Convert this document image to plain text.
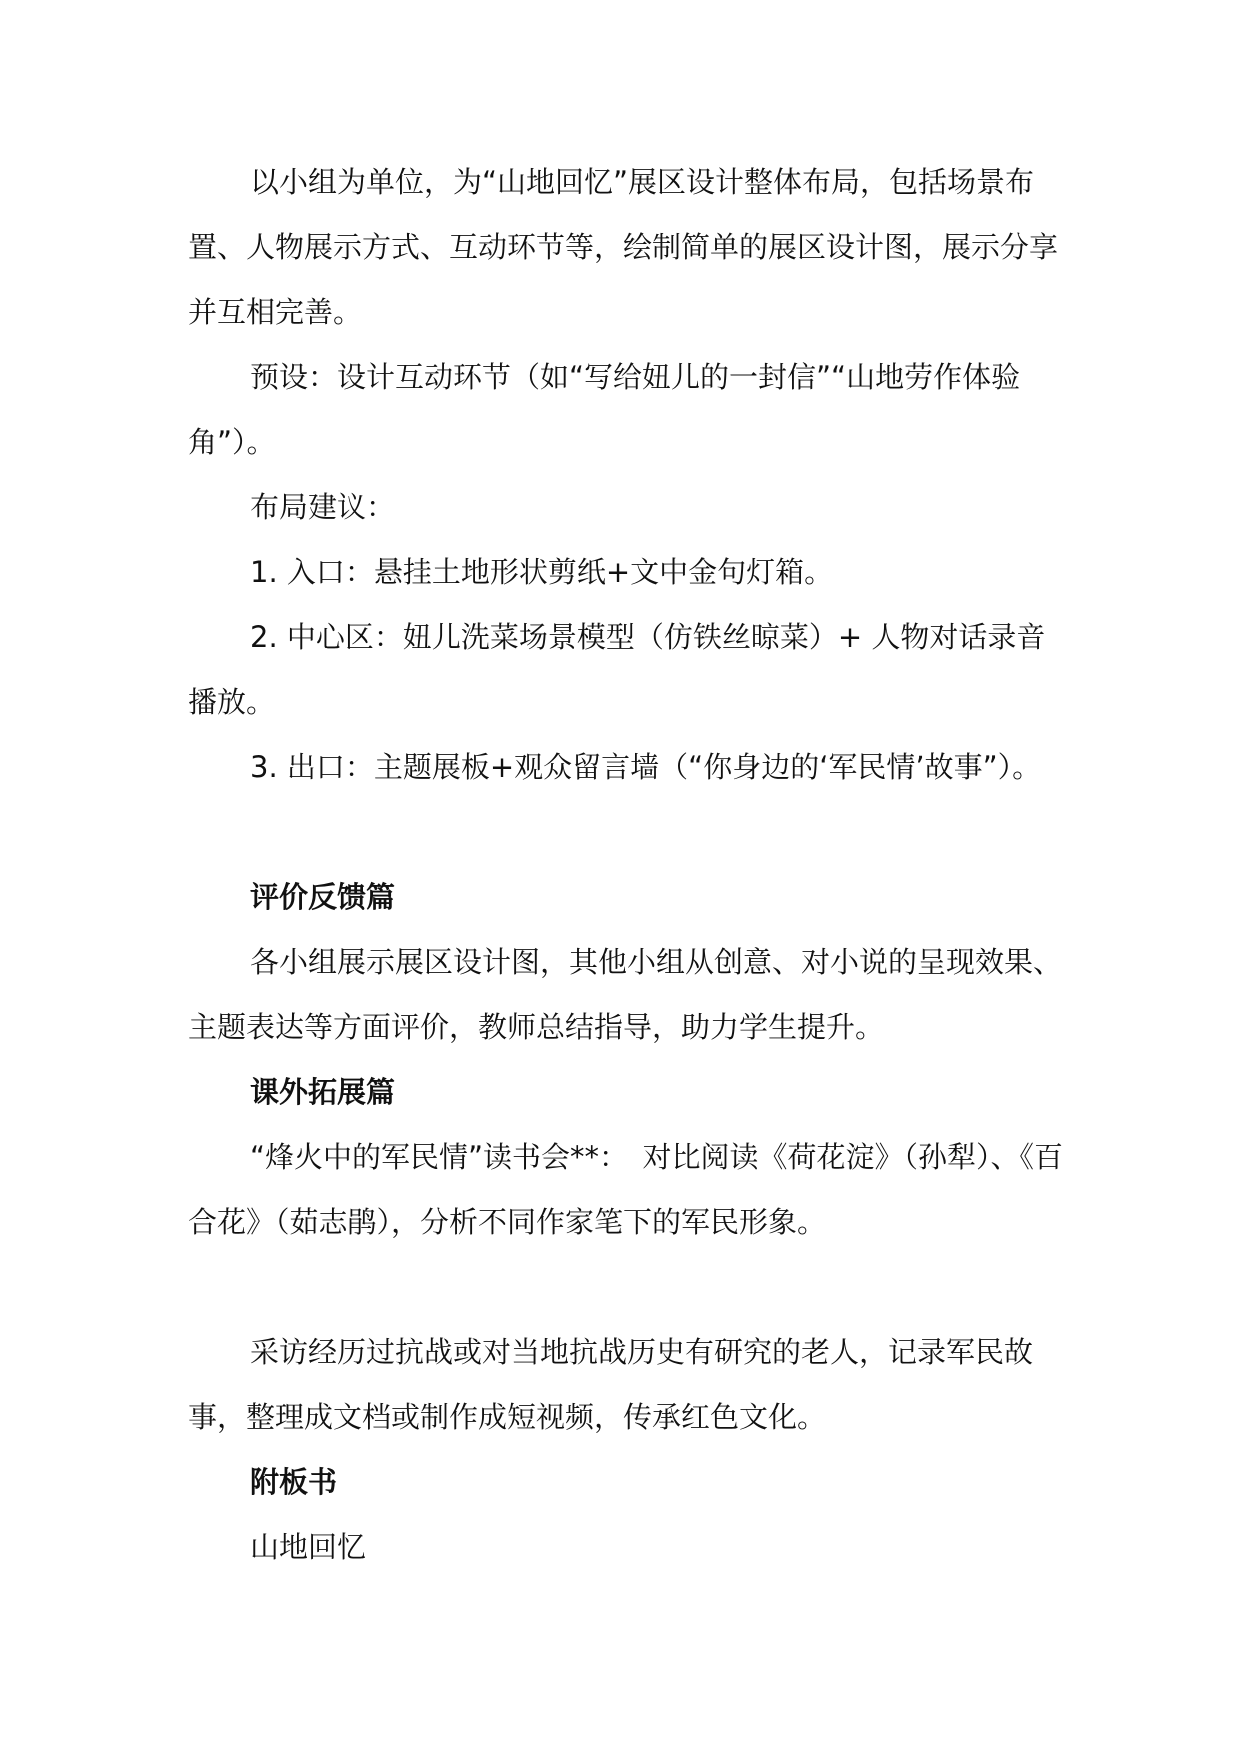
以小组为单位，为“山地回忆”展区设计整体布局，包括场景布置、人物展示方式、互动环节等，绘制简单的展区设计图，展示分享并互相完善。

预设：设计互动环节（如“写给妞儿的一封信”“山地劳作体验角”）。

布局建议：

1. 入口：悬挂土地形状剪纸+文中金句灯箱。

2. 中心区：妞儿洗菜场景模型（仿铁丝晾菜）+ 人物对话录音播放。

3. 出口：主题展板+观众留言墙（“你身边的‘军民情’故事”）。

评价反馈篇

各小组展示展区设计图，其他小组从创意、对小说的呈现效果、主题表达等方面评价，教师总结指导，助力学生提升。

课外拓展篇

“烽火中的军民情”读书会**：　对比阅读《荷花淀》（孙犁）、《百合花》（茹志鹃），分析不同作家笔下的军民形象。

采访经历过抗战或对当地抗战历史有研究的老人，记录军民故事，整理成文档或制作成短视频，传承红色文化。

附板书

山地回忆
